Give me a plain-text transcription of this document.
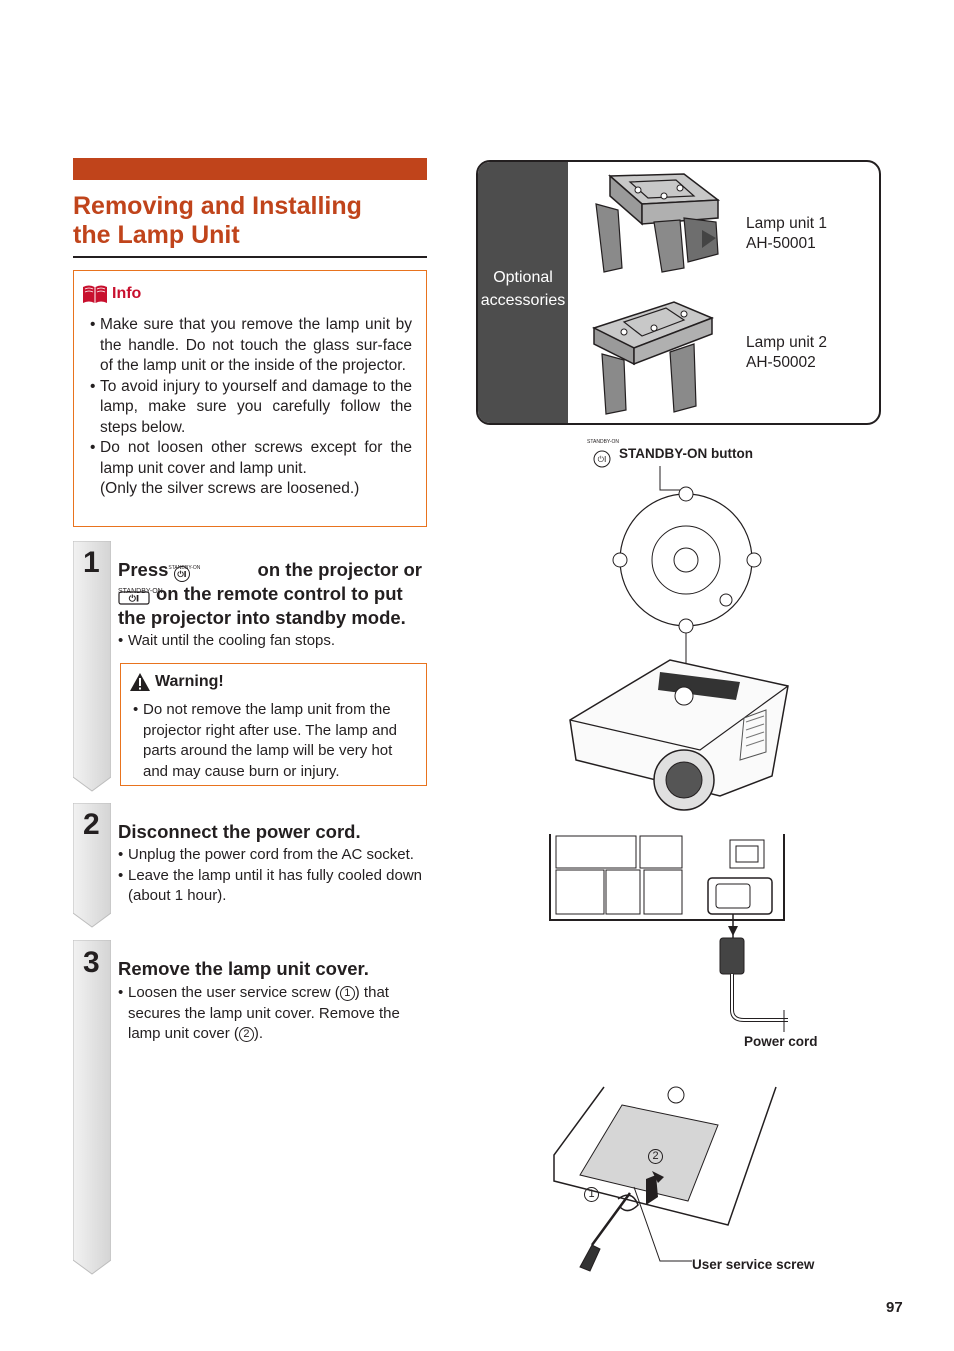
Removing and Installing
the Lamp Unit
Info
• Make sure that you remove the lamp unit by the handle. Do not touch the glass sur-face of the lamp unit or the inside of the projector.
• To avoid injury to yourself and damage to the lamp, make sure you carefully follow the steps below.
• Do not loosen other screws except for the lamp unit cover and lamp unit.
(Only the silver screws are loosened.)
1 Press STANDBY-ON
⏻I	on the projector or
STANDBY-ON
⏻I on the remote control to put the projector into standby mode.
• Wait until the cooling fan stops.
Warning!
• Do not remove the lamp unit from the projector right after use. The lamp and parts around the lamp will be very hot and may cause burn or injury.
2 Disconnect the power cord.
• Unplug the power cord from the AC socket.
• Leave the lamp until it has fully cooled down (about 1 hour).
3 Remove the lamp unit cover.
• Loosen the user service screw ( 1 ) that secures the lamp unit cover. Remove the lamp unit cover ( 2 ).
Optional
accessories
Lamp unit 1
AH-50001
Lamp unit 2
AH-50002
STANDBY-ON
⏻I STANDBY-ON button
Power cord
1
2
User service screw
97
